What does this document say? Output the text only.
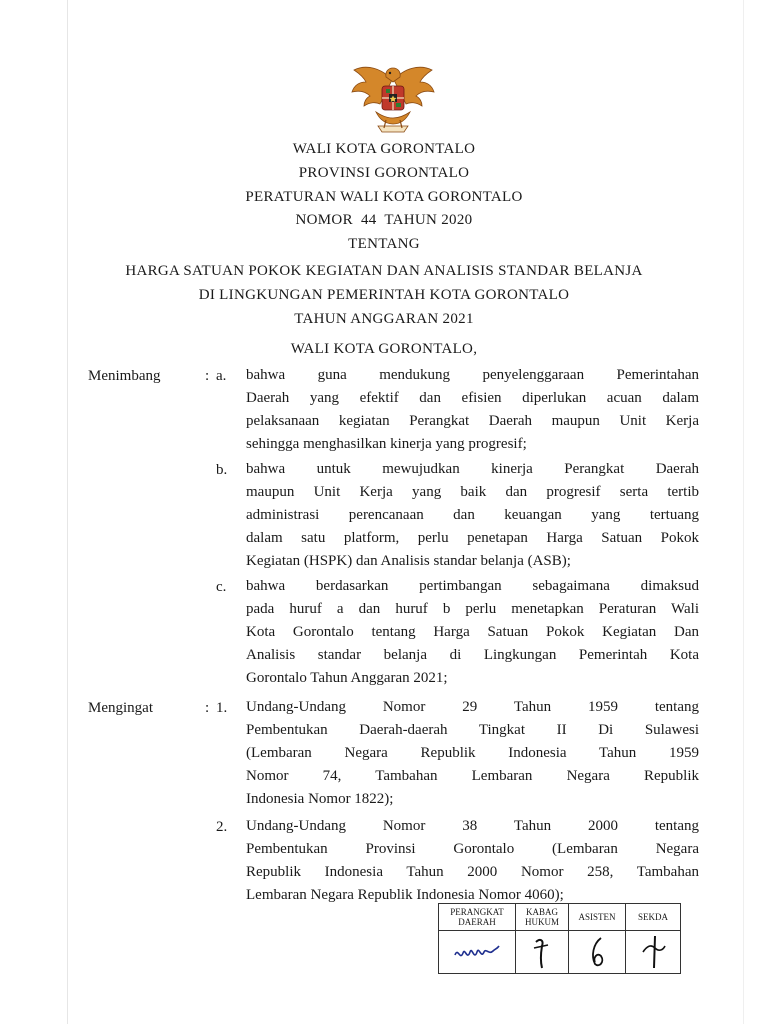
WALI KOTA GORONTALO
PROVINSI GORONTALO
PERATURAN WALI KOTA GORONTALO
NOMOR  44  TAHUN 2020
TENTANG
HARGA SATUAN POKOK KEGIATAN DAN ANALISIS STANDAR BELANJA
DI LINGKUNGAN PEMERINTAH KOTA GORONTALO
TAHUN ANGGARAN 2021
WALI KOTA GORONTALO,
Menimbang	: a. bahwa guna mendukung penyelenggaraan Pemerintahan
Daerah yang efektif dan efisien diperlukan acuan dalam
pelaksanaan kegiatan Perangkat Daerah maupun Unit Kerja
sehingga menghasilkan kinerja yang progresif;
b. bahwa untuk mewujudkan kinerja Perangkat Daerah
maupun Unit Kerja yang baik dan progresif serta tertib
administrasi perencanaan dan keuangan yang tertuang
dalam satu platform, perlu penetapan Harga Satuan Pokok
Kegiatan (HSPK) dan Analisis standar belanja (ASB);
c. bahwa berdasarkan pertimbangan sebagaimana dimaksud
pada huruf a dan huruf b perlu menetapkan Peraturan Wali
Kota Gorontalo tentang Harga Satuan Pokok Kegiatan Dan
Analisis standar belanja di Lingkungan Pemerintah Kota
Gorontalo Tahun Anggaran 2021;
Mengingat	: 1. Undang-Undang Nomor 29 Tahun 1959 tentang
Pembentukan Daerah-daerah Tingkat II Di Sulawesi
(Lembaran Negara Republik Indonesia Tahun 1959
Nomor 74, Tambahan Lembaran Negara Republik
Indonesia Nomor 1822);
2. Undang-Undang Nomor 38 Tahun 2000 tentang
Pembentukan Provinsi Gorontalo (Lembaran Negara
Republik Indonesia Tahun 2000 Nomor 258, Tambahan
Lembaran Negara Republik Indonesia Nomor 4060);
PERANGKAT DAERAH	KABAG HUKUM	ASISTEN	SEKDA
